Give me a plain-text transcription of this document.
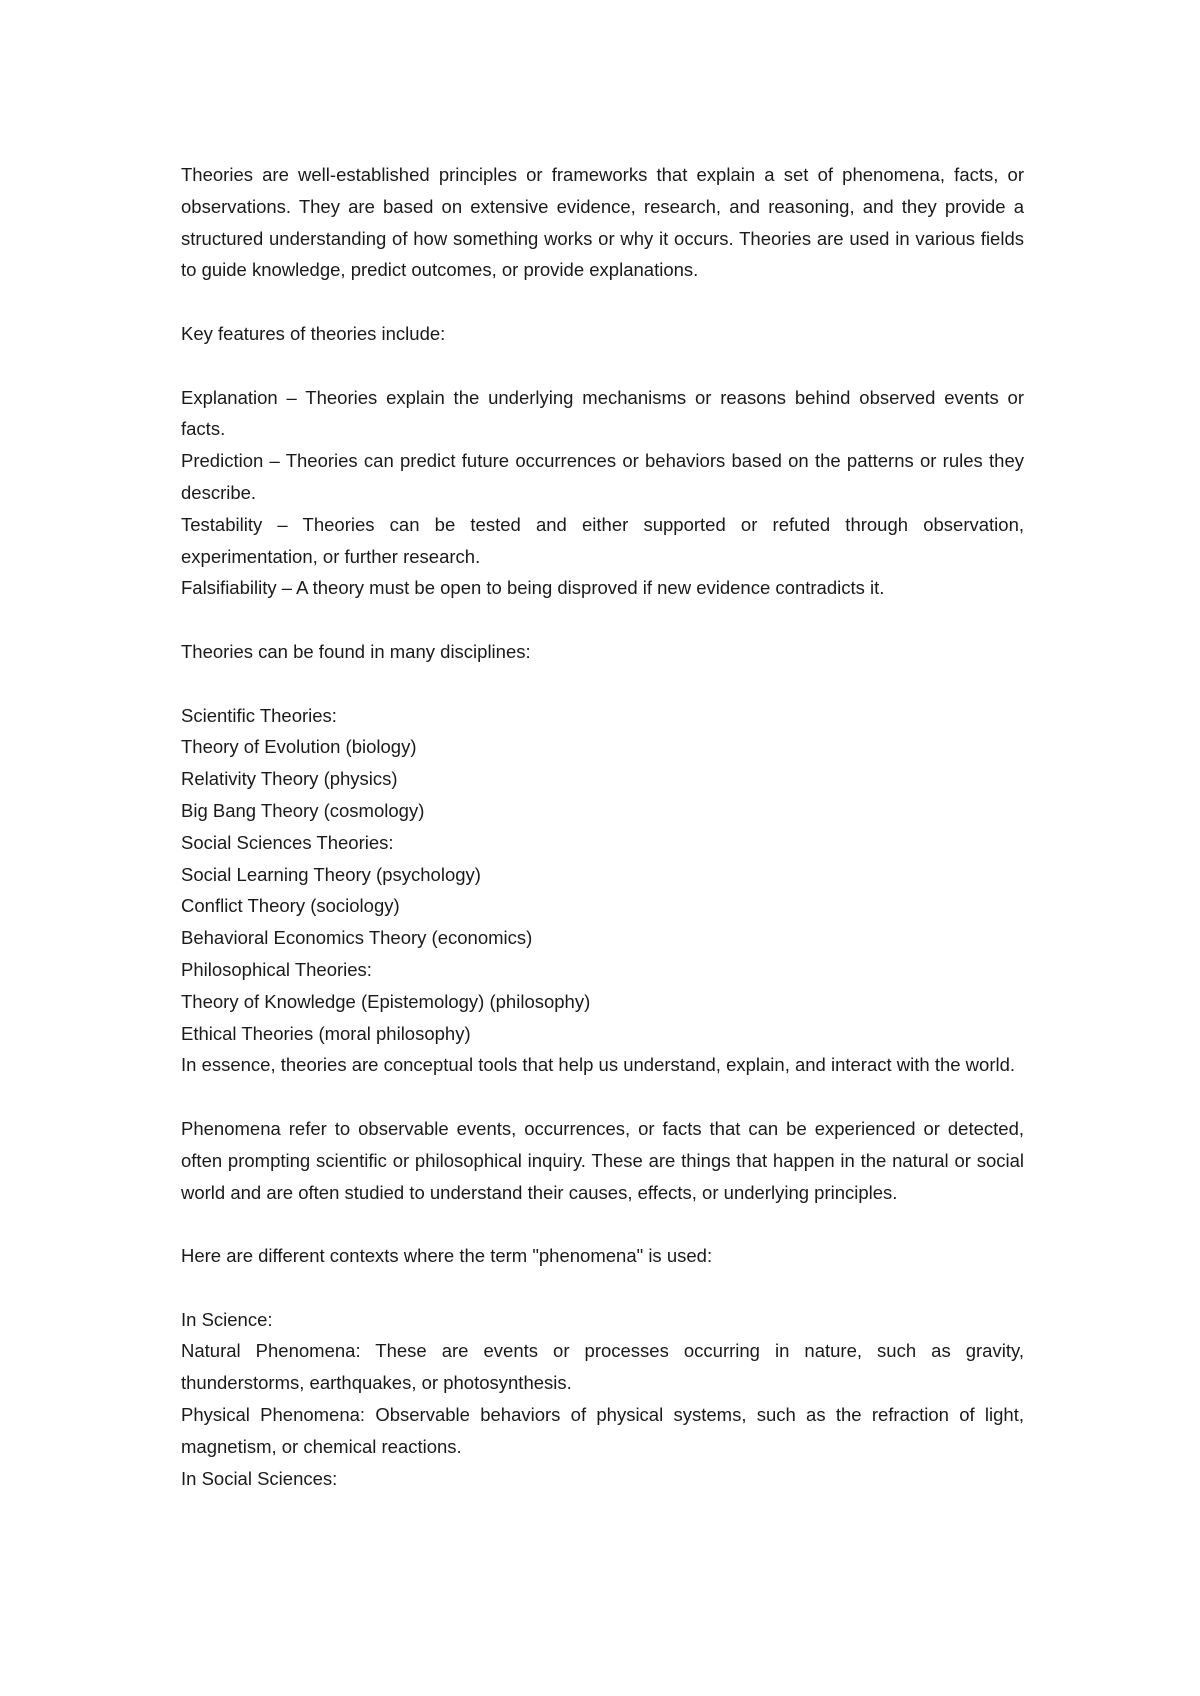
Theories are well-established principles or frameworks that explain a set of phenomena, facts, or observations. They are based on extensive evidence, research, and reasoning, and they provide a structured understanding of how something works or why it occurs. Theories are used in various fields to guide knowledge, predict outcomes, or provide explanations.

Key features of theories include:

Explanation – Theories explain the underlying mechanisms or reasons behind observed events or facts.

Prediction – Theories can predict future occurrences or behaviors based on the patterns or rules they describe.

Testability – Theories can be tested and either supported or refuted through observation, experimentation, or further research.

Falsifiability – A theory must be open to being disproved if new evidence contradicts it.

Theories can be found in many disciplines:

Scientific Theories:

Theory of Evolution (biology)

Relativity Theory (physics)

Big Bang Theory (cosmology)

Social Sciences Theories:

Social Learning Theory (psychology)

Conflict Theory (sociology)

Behavioral Economics Theory (economics)

Philosophical Theories:

Theory of Knowledge (Epistemology) (philosophy)

Ethical Theories (moral philosophy)

In essence, theories are conceptual tools that help us understand, explain, and interact with the world.

Phenomena refer to observable events, occurrences, or facts that can be experienced or detected, often prompting scientific or philosophical inquiry. These are things that happen in the natural or social world and are often studied to understand their causes, effects, or underlying principles.

Here are different contexts where the term "phenomena" is used:

In Science:

Natural Phenomena: These are events or processes occurring in nature, such as gravity, thunderstorms, earthquakes, or photosynthesis.

Physical Phenomena: Observable behaviors of physical systems, such as the refraction of light, magnetism, or chemical reactions.

In Social Sciences:
